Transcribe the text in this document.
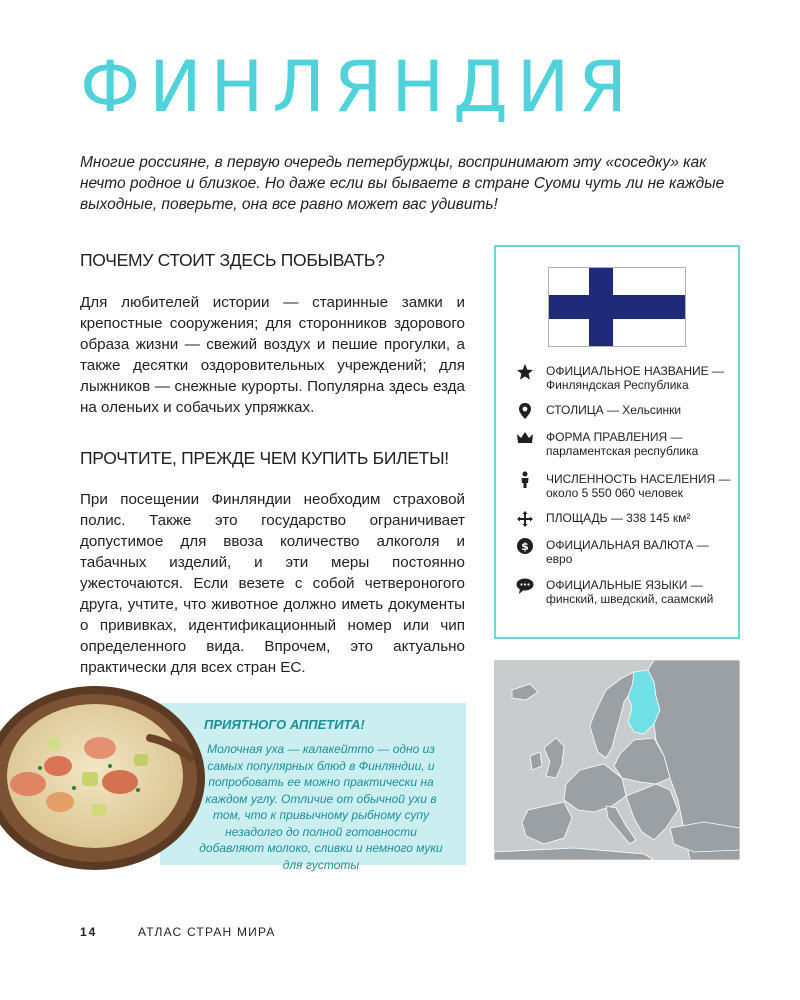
ФИНЛЯНДИЯ
Многие россияне, в первую очередь петербуржцы, воспринимают эту «соседку» как нечто родное и близкое. Но даже если вы бываете в стране Суоми чуть ли не каждые выходные, поверьте, она все равно может вас удивить!
ПОЧЕМУ СТОИТ ЗДЕСЬ ПОБЫВАТЬ?
Для любителей истории — старинные замки и крепостные сооружения; для сторонников здорового образа жизни — свежий воздух и пешие прогулки, а также десятки оздоровительных учреждений; для лыжников — снежные курорты. Популярна здесь езда на оленьих и собачьих упряжках.
ПРОЧТИТЕ, ПРЕЖДЕ ЧЕМ КУПИТЬ БИЛЕТЫ!
При посещении Финляндии необходим страховой полис. Также это государство ограничивает допустимое для ввоза количество алкоголя и табачных изделий, и эти меры постоянно ужесточаются. Если везете с собой четвероногого друга, учтите, что животное должно иметь документы о прививках, идентификационный номер или чип определенного вида. Впрочем, это актуально практически для всех стран ЕС.
ОФИЦИАЛЬНОЕ НАЗВАНИЕ — Финляндская Республика
СТОЛИЦА — Хельсинки
ФОРМА ПРАВЛЕНИЯ — парламентская республика
ЧИСЛЕННОСТЬ НАСЕЛЕНИЯ — около 5 550 060 человек
ПЛОЩАДЬ — 338 145 км²
$ ОФИЦИАЛЬНАЯ ВАЛЮТА — евро
ОФИЦИАЛЬНЫЕ ЯЗЫКИ — финский, шведский, саамский
ПРИЯТНОГО АППЕТИТА!
Молочная уха — калакейтто — одно из самых популярных блюд в Финляндии, и попробовать ее можно практически на каждом углу. Отличие от обычной ухи в том, что к привычному рыбному супу незадолго до полной готовности добавляют молоко, сливки и немного муки для густоты
14	АТЛАС СТРАН МИРА
